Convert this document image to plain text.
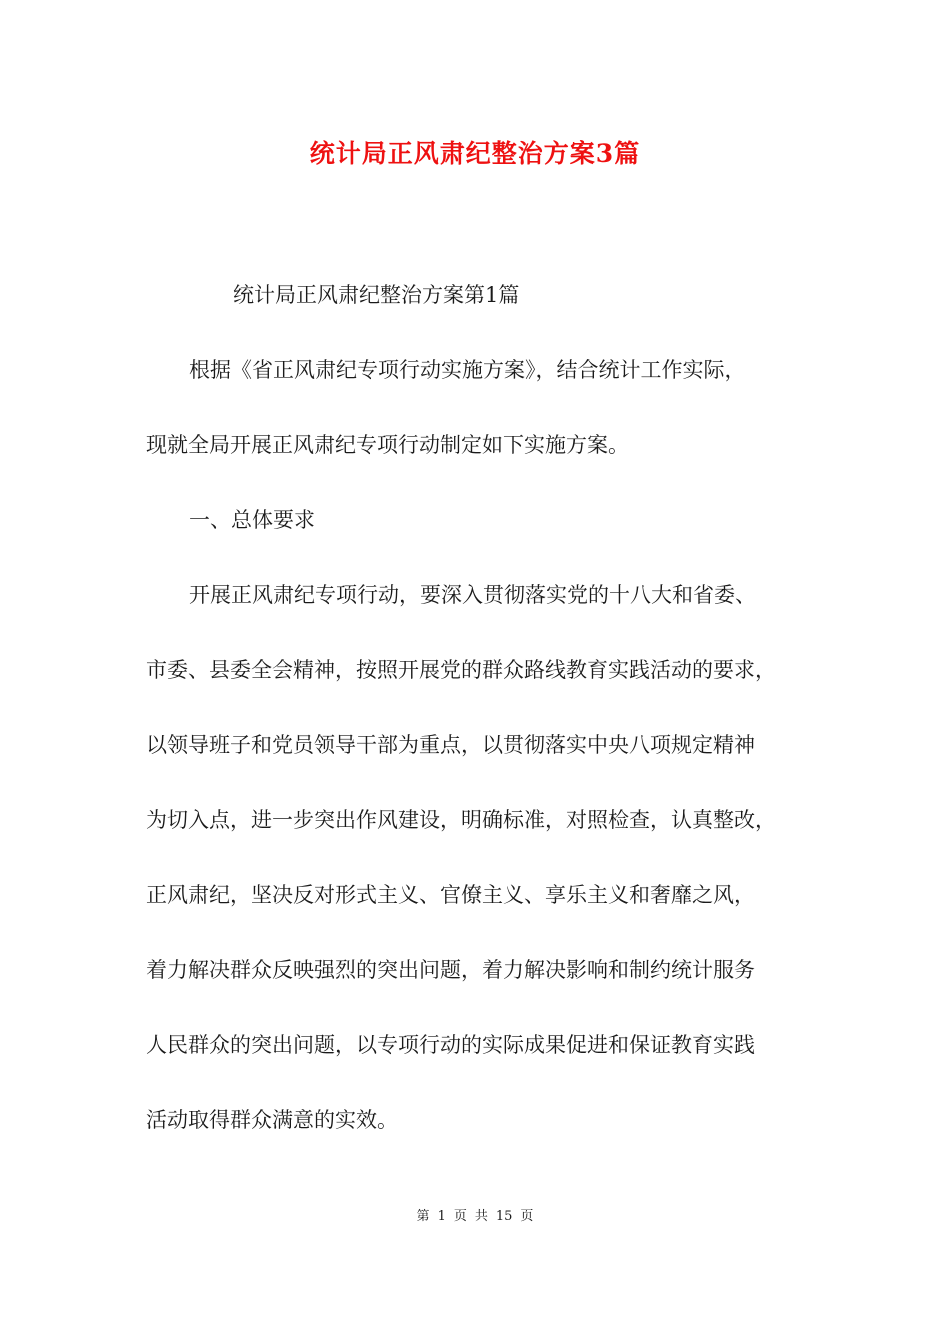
统计局正风肃纪整治方案3篇
统计局正风肃纪整治方案第1篇
根据《省正风肃纪专项行动实施方案》，结合统计工作实际，
现就全局开展正风肃纪专项行动制定如下实施方案。
一、总体要求
开展正风肃纪专项行动，要深入贯彻落实党的十八大和省委、
市委、县委全会精神，按照开展党的群众路线教育实践活动的要求，
以领导班子和党员领导干部为重点，以贯彻落实中央八项规定精神
为切入点，进一步突出作风建设，明确标准，对照检查，认真整改，
正风肃纪，坚决反对形式主义、官僚主义、享乐主义和奢靡之风，
着力解决群众反映强烈的突出问题，着力解决影响和制约统计服务
人民群众的突出问题，以专项行动的实际成果促进和保证教育实践
活动取得群众满意的实效。
第 1 页 共 15 页
